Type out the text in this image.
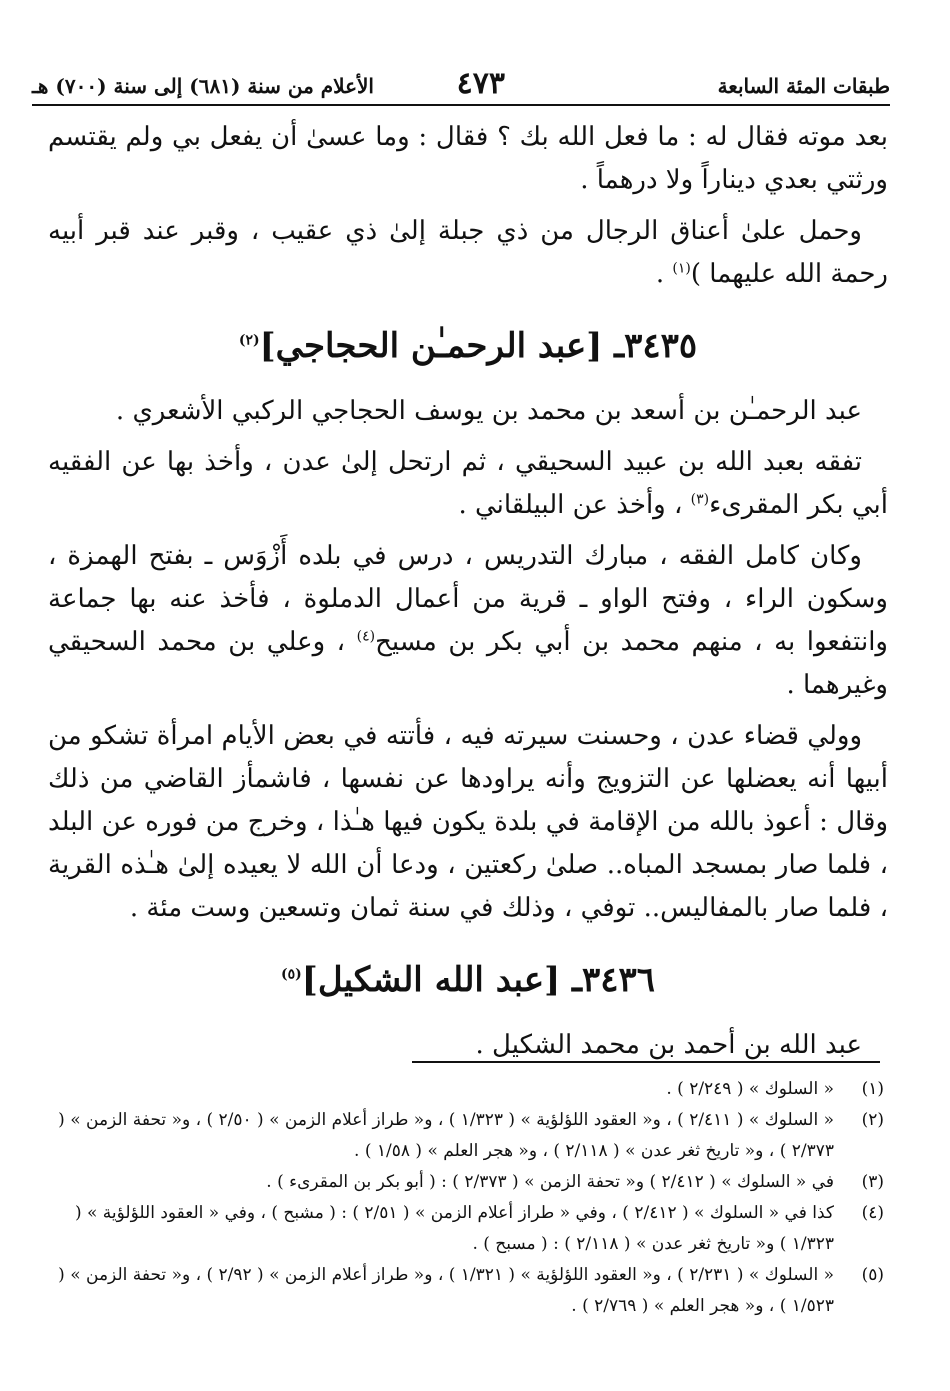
طبقات المئة السابعة
٤٧٣
الأعلام من سنة (٦٨١) إلى سنة (٧٠٠) هـ

بعد موته فقال له : ما فعل الله بك ؟ فقال : وما عسىٰ أن يفعل بي ولم يقتسم ورثتي بعدي ديناراً ولا درهماً .

وحمل علىٰ أعناق الرجال من ذي جبلة إلىٰ ذي عقيب ، وقبر عند قبر أبيه رحمة الله عليهما )$^{(١)}$ .

٣٤٣٥ـ [عبد الرحمـٰن الحجاجي]$^{(٢)}$

عبد الرحمـٰن بن أسعد بن محمد بن يوسف الحجاجي الركبي الأشعري .

تفقه بعبد الله بن عبيد السحيقي ، ثم ارتحل إلىٰ عدن ، وأخذ بها عن الفقيه أبي بكر المقرىء$^{(٣)}$ ، وأخذ عن البيلقاني .

وكان كامل الفقه ، مبارك التدريس ، درس في بلده أَزْوَس ـ بفتح الهمزة ، وسكون الراء ، وفتح الواو ـ قرية من أعمال الدملوة ، فأخذ عنه بها جماعة وانتفعوا به ، منهم محمد بن أبي بكر بن مسيح$^{(٤)}$ ، وعلي بن محمد السحيقي وغيرهما .

وولي قضاء عدن ، وحسنت سيرته فيه ، فأتته في بعض الأيام امرأة تشكو من أبيها أنه يعضلها عن التزويج وأنه يراودها عن نفسها ، فاشمأز القاضي من ذلك وقال : أعوذ بالله من الإقامة في بلدة يكون فيها هـٰذا ، وخرج من فوره عن البلد ، فلما صار بمسجد المباه.. صلىٰ ركعتين ، ودعا أن الله لا يعيده إلىٰ هـٰذه القرية ، فلما صار بالمفاليس.. توفي ، وذلك في سنة ثمان وتسعين وست مئة .

٣٤٣٦ـ [عبد الله الشكيل]$^{(٥)}$

عبد الله بن أحمد بن محمد الشكيل .

(١)
« السلوك » ( ٢/٢٤٩ ) .
(٢)
« السلوك » ( ٢/٤١١ ) ، و« العقود اللؤلؤية » ( ١/٣٢٣ ) ، و« طراز أعلام الزمن » ( ٢/٥٠ ) ، و« تحفة الزمن » ( ٢/٣٧٣ ) ، و« تاريخ ثغر عدن » ( ٢/١١٨ ) ، و« هجر العلم » ( ١/٥٨ ) .
(٣)
في « السلوك » ( ٢/٤١٢ ) و« تحفة الزمن » ( ٢/٣٧٣ ) : ( أبو بكر بن المقرىء ) .
(٤)
كذا في « السلوك » ( ٢/٤١٢ ) ، وفي « طراز أعلام الزمن » ( ٢/٥١ ) : ( مشبح ) ، وفي « العقود اللؤلؤية » ( ١/٣٢٣ ) و« تاريخ ثغر عدن » ( ٢/١١٨ ) : ( مسبح ) .
(٥)
« السلوك » ( ٢/٢٣١ ) ، و« العقود اللؤلؤية » ( ١/٣٢١ ) ، و« طراز أعلام الزمن » ( ٢/٩٢ ) ، و« تحفة الزمن » ( ١/٥٢٣ ) ، و« هجر العلم » ( ٢/٧٦٩ ) .
